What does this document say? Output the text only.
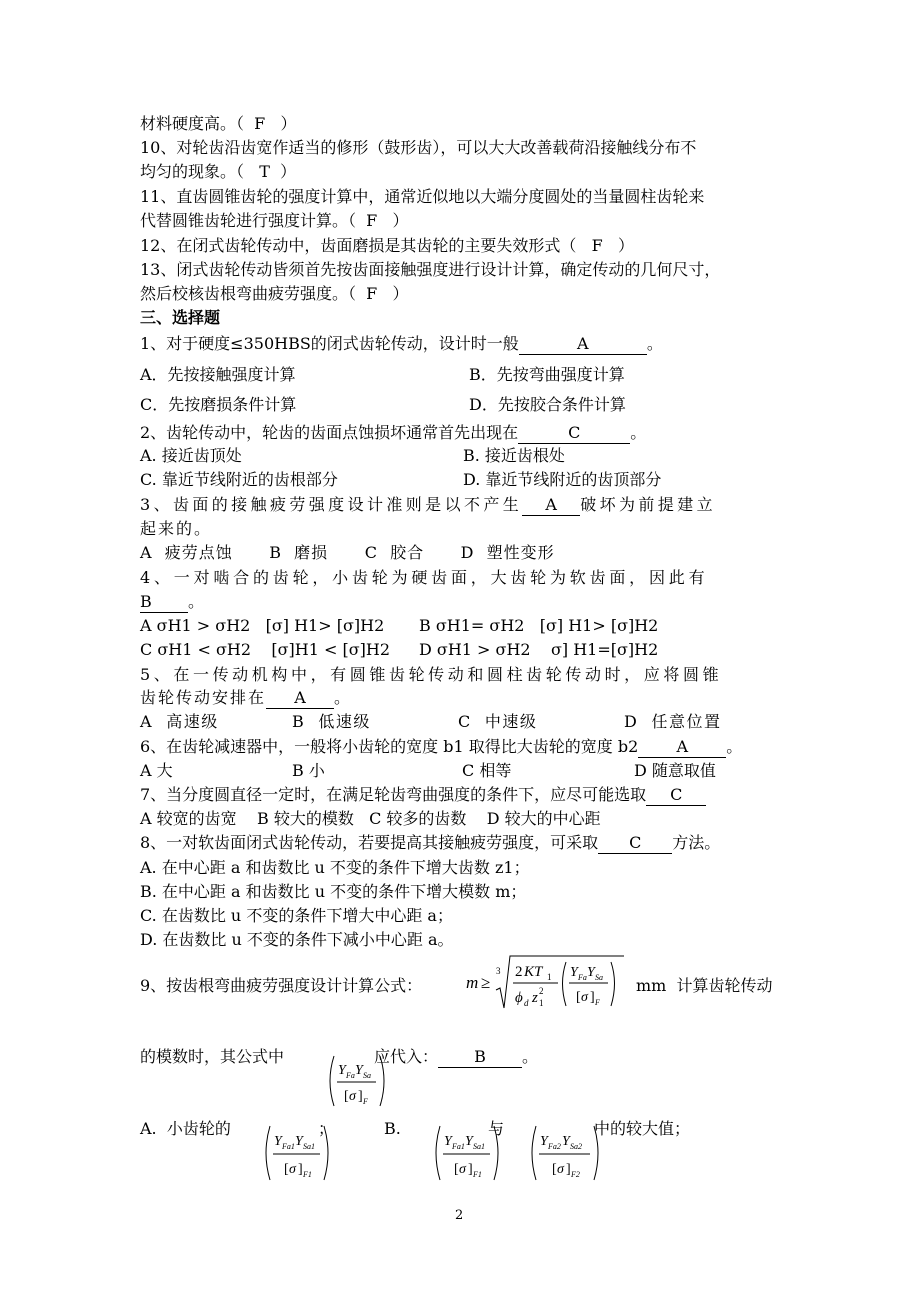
材料硬度高。（  F   ）
10、对轮齿沿齿宽作适当的修形（鼓形齿），可以大大改善载荷沿接触线分布不
均匀的现象。（   T  ）
11、直齿圆锥齿轮的强度计算中，通常近似地以大端分度圆处的当量圆柱齿轮来
代替圆锥齿轮进行强度计算。（  F   ）
12、在闭式齿轮传动中，齿面磨损是其齿轮的主要失效形式（   F   ）
13、闭式齿轮传动皆须首先按齿面接触强度进行设计计算，确定传动的几何尺寸，
然后校核齿根弯曲疲劳强度。（  F   ）
三、选择题
1、对于硬度≤350HBS的闭式齿轮传动，设计时一般	A	。
A．先按接触强度计算	B．先按弯曲强度计算
C．先按磨损条件计算	D．先按胶合条件计算
2、齿轮传动中，轮齿的齿面点蚀损坏通常首先出现在	C	。
A. 接近齿顶处	B. 接近齿根处
C. 靠近节线附近的齿根部分	D. 靠近节线附近的齿顶部分
3、齿面的接触疲劳强度设计准则是以不产生 A 破坏为前提建立
起来的。
A  疲劳点蚀      B  磨损      C  胶合      D  塑性变形
4、一对啮合的齿轮，小齿轮为硬齿面，大齿轮为软齿面，因此有
B 。
A σH1 > σH2   [σ] H1> [σ]H2 B σH1= σH2   [σ] H1> [σ]H2
C σH1 < σH2    [σ]H1 < [σ]H2 D σH1 > σH2    σ] H1=[σ]H2
5、在一传动机构中，有圆锥齿轮传动和圆柱齿轮传动时，应将圆锥
齿轮传动安排在 A 。
A  高速级	B  低速级	C  中速级	D  任意位置
6、在齿轮减速器中，一般将小齿轮的宽度 b1 取得比大齿轮的宽度 b2 A 。
A 大	B 小	C 相等	D 随意取值
7、当分度圆直径一定时，在满足轮齿弯曲强度的条件下，应尽可能选取 C
A 较宽的齿宽    B 较大的模数   C 较多的齿数    D 较大的中心距
8、一对软齿面闭式齿轮传动，若要提高其接触疲劳强度，可采取 C 方法。
A. 在中心距 a 和齿数比 u 不变的条件下增大齿数 z1；
B. 在中心距 a 和齿数比 u 不变的条件下增大模数 m；
C. 在齿数比 u 不变的条件下增大中心距 a；
D. 在齿数比 u 不变的条件下减小中心距 a。
9、按齿根弯曲疲劳强度设计计算公式：	m ≥
3 2 KT 1
ϕ d z 1
2
Y Fa Y Sa
[ σ ] F
mm  计算齿轮传动
的模数时，其公式中

Y Fa Y Sa
[ σ ] F

应代入： B 。
A.  小齿轮的

Y Fa1 Y Sa1
[ σ ] F1

；	B.

Y Fa1 Y Sa1
[ σ ] F1

与

Y Fa2 Y Sa2
[ σ ] F2

中的较大值；
2
